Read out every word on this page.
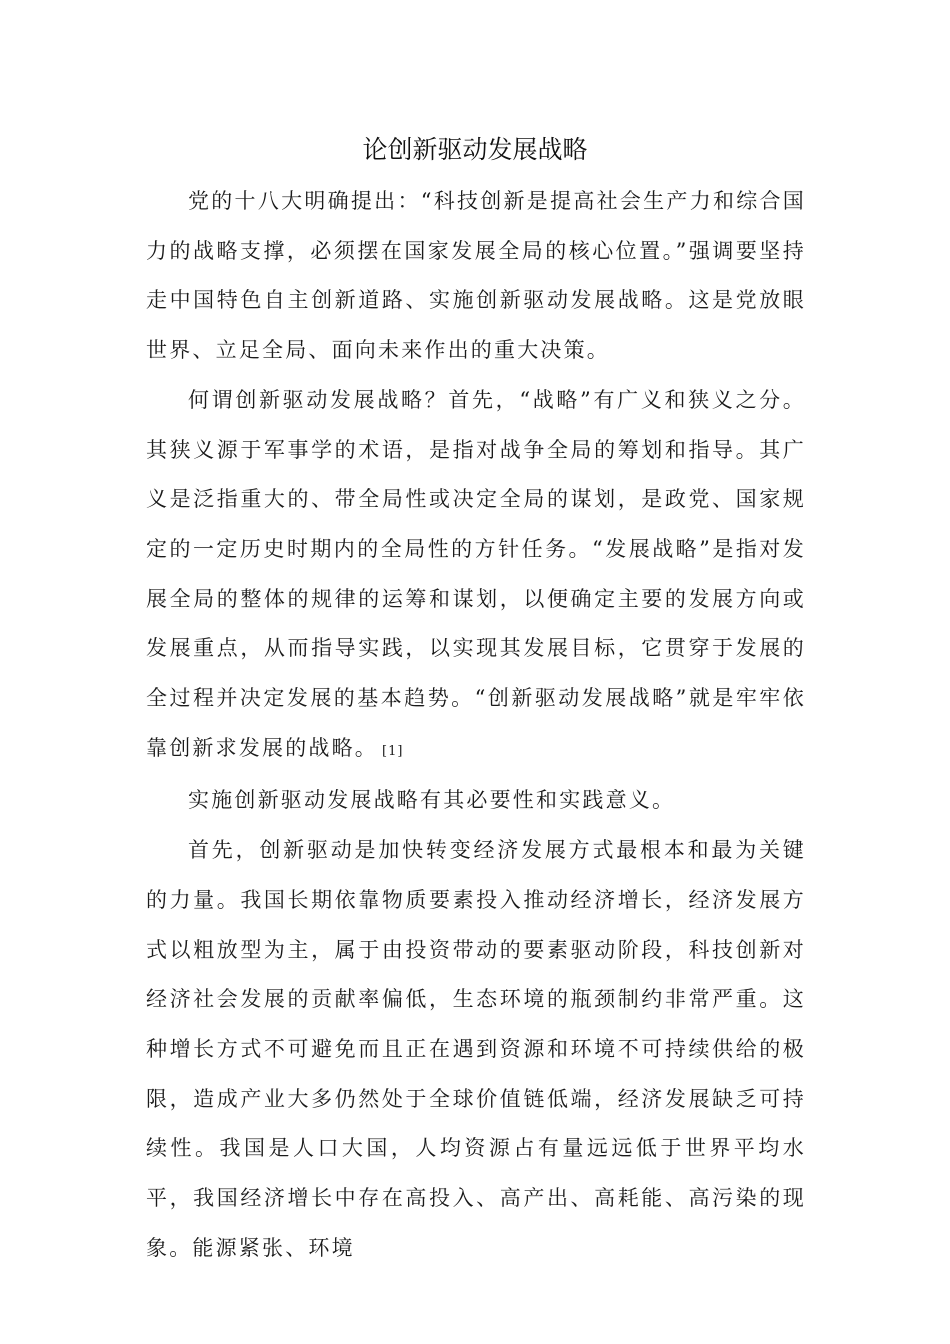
论创新驱动发展战略

党的十八大明确提出：“科技创新是提高社会生产力和综合国力的战略支撑，必须摆在国家发展全局的核心位置。”强调要坚持走中国特色自主创新道路、实施创新驱动发展战略。这是党放眼世界、立足全局、面向未来作出的重大决策。

何谓创新驱动发展战略？首先，“战略”有广义和狭义之分。其狭义源于军事学的术语，是指对战争全局的筹划和指导。其广义是泛指重大的、带全局性或决定全局的谋划，是政党、国家规定的一定历史时期内的全局性的方针任务。“发展战略”是指对发展全局的整体的规律的运筹和谋划，以便确定主要的发展方向或发展重点，从而指导实践，以实现其发展目标，它贯穿于发展的全过程并决定发展的基本趋势。“创新驱动发展战略”就是牢牢依靠创新求发展的战略。 [1]

实施创新驱动发展战略有其必要性和实践意义。

首先，创新驱动是加快转变经济发展方式最根本和最为关键的力量。我国长期依靠物质要素投入推动经济增长，经济发展方式以粗放型为主，属于由投资带动的要素驱动阶段，科技创新对经济社会发展的贡献率偏低，生态环境的瓶颈制约非常严重。这种增长方式不可避免而且正在遇到资源和环境不可持续供给的极限，造成产业大多仍然处于全球价值链低端，经济发展缺乏可持续性。我国是人口大国，人均资源占有量远远低于世界平均水平，我国经济增长中存在高投入、高产出、高耗能、高污染的现象。能源紧张、环境
